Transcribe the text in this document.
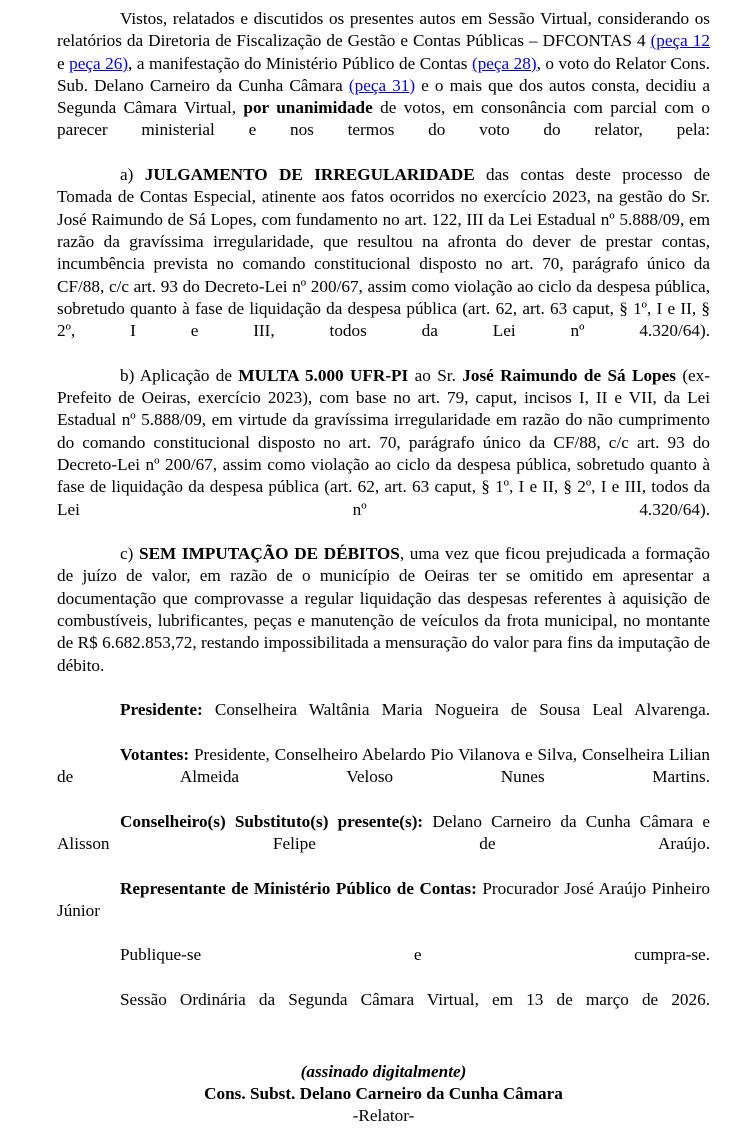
Vistos, relatados e discutidos os presentes autos em Sessão Virtual, considerando os relatórios da Diretoria de Fiscalização de Gestão e Contas Públicas – DFCONTAS 4 (peça 12 e peça 26), a manifestação do Ministério Público de Contas (peça 28), o voto do Relator Cons. Sub. Delano Carneiro da Cunha Câmara (peça 31) e o mais que dos autos consta, decidiu a Segunda Câmara Virtual, por unanimidade de votos, em consonância com parcial com o parecer ministerial e nos termos do voto do relator, pela:

a) JULGAMENTO DE IRREGULARIDADE das contas deste processo de Tomada de Contas Especial, atinente aos fatos ocorridos no exercício 2023, na gestão do Sr. José Raimundo de Sá Lopes, com fundamento no art. 122, III da Lei Estadual nº 5.888/09, em razão da gravíssima irregularidade, que resultou na afronta do dever de prestar contas, incumbência prevista no comando constitucional disposto no art. 70, parágrafo único da CF/88, c/c art. 93 do Decreto-Lei nº 200/67, assim como violação ao ciclo da despesa pública, sobretudo quanto à fase de liquidação da despesa pública (art. 62, art. 63 caput, § 1º, I e II, § 2º, I e III, todos da Lei nº 4.320/64).

b) Aplicação de MULTA 5.000 UFR-PI ao Sr. José Raimundo de Sá Lopes (ex-Prefeito de Oeiras, exercício 2023), com base no art. 79, caput, incisos I, II e VII, da Lei Estadual nº 5.888/09, em virtude da gravíssima irregularidade em razão do não cumprimento do comando constitucional disposto no art. 70, parágrafo único da CF/88, c/c art. 93 do Decreto-Lei nº 200/67, assim como violação ao ciclo da despesa pública, sobretudo quanto à fase de liquidação da despesa pública (art. 62, art. 63 caput, § 1º, I e II, § 2º, I e III, todos da Lei nº 4.320/64).

c) SEM IMPUTAÇÃO DE DÉBITOS, uma vez que ficou prejudicada a formação de juízo de valor, em razão de o município de Oeiras ter se omitido em apresentar a documentação que comprovasse a regular liquidação das despesas referentes à aquisição de combustíveis, lubrificantes, peças e manutenção de veículos da frota municipal, no montante de R$ 6.682.853,72, restando impossibilitada a mensuração do valor para fins da imputação de débito.

Presidente: Conselheira Waltânia Maria Nogueira de Sousa Leal Alvarenga.

Votantes: Presidente, Conselheiro Abelardo Pio Vilanova e Silva, Conselheira Lilian de Almeida Veloso Nunes Martins.

Conselheiro(s) Substituto(s) presente(s): Delano Carneiro da Cunha Câmara e Alisson Felipe de Araújo.

Representante de Ministério Público de Contas: Procurador José Araújo Pinheiro Júnior

Publique-se e cumpra-se.

Sessão Ordinária da Segunda Câmara Virtual, em 13 de março de 2026.

(assinado digitalmente)
Cons. Subst. Delano Carneiro da Cunha Câmara
-Relator-
